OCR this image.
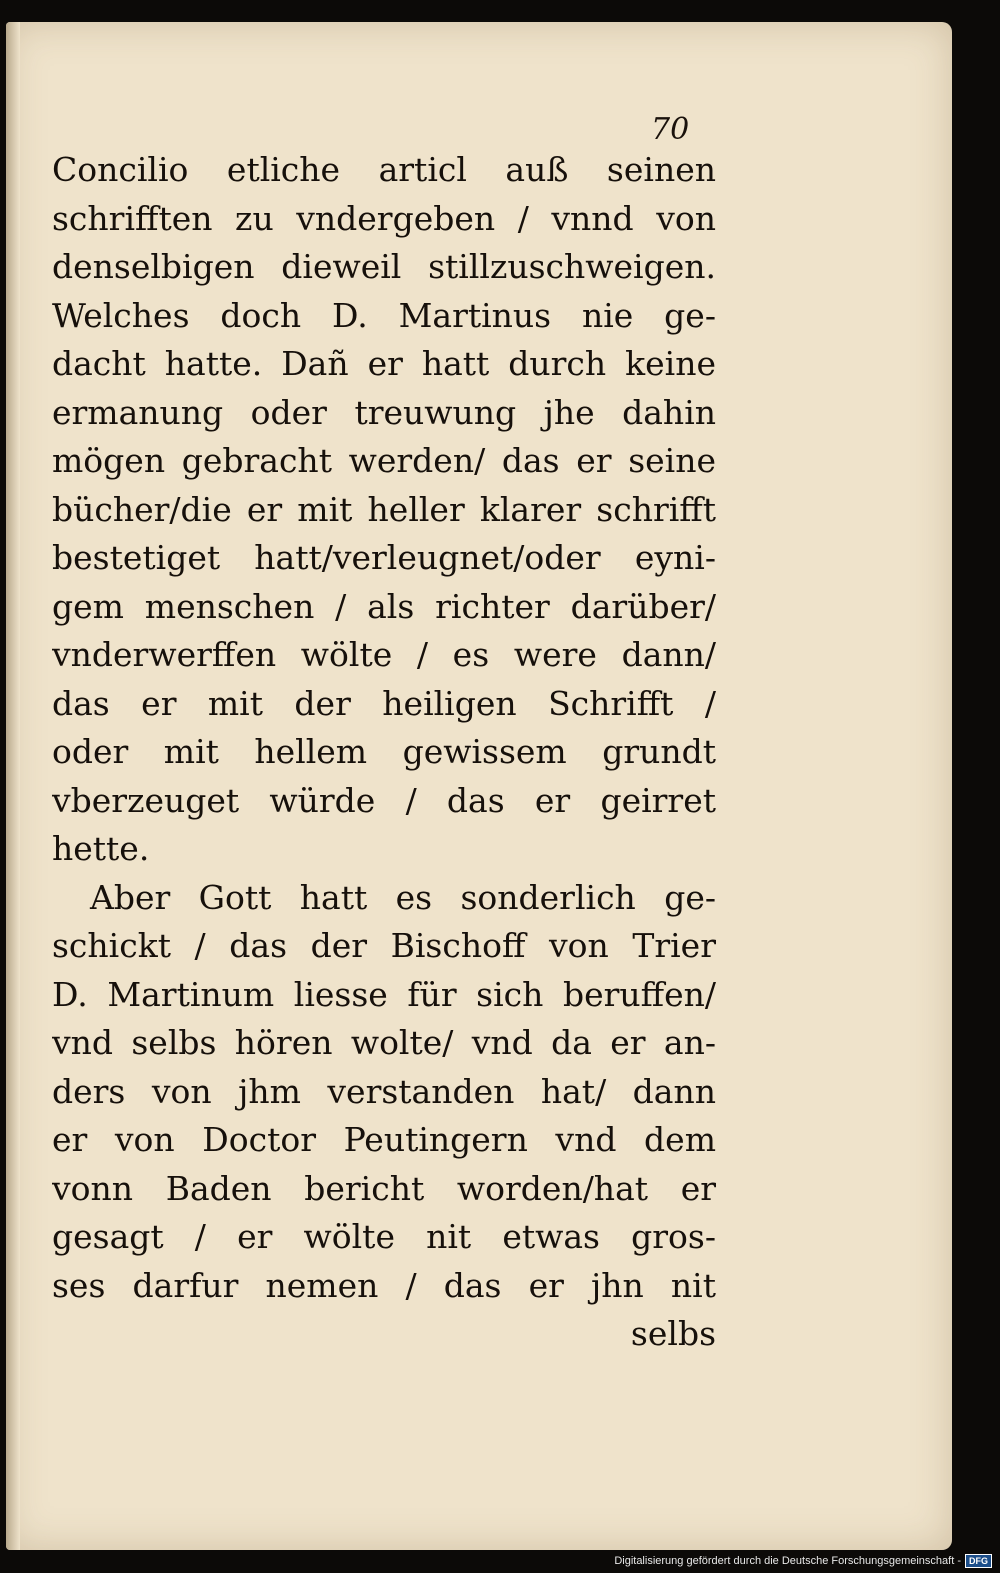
70
Concilio etliche articl auß seinen
schrifften zu vndergeben / vnnd von
denselbigen dieweil stillzuschweigen.
Welches doch D. Martinus nie ge-
dacht hatte. Dañ er hatt durch keine
ermanung oder treuwung jhe dahin
mögen gebracht werden/ das er seine
bücher/die er mit heller klarer schrifft
bestetiget hatt/verleugnet/oder eyni-
gem menschen / als richter darüber/
vnderwerffen wölte / es were dann/
das er mit der heiligen Schrifft /
oder mit hellem gewissem grundt
vberzeuget würde / das er geirret
hette.
Aber Gott hatt es sonderlich ge-
schickt / das der Bischoff von Trier
D. Martinum liesse für sich beruffen/
vnd selbs hören wolte/ vnd da er an-
ders von jhm verstanden hat/ dann
er von Doctor Peutingern vnd dem
vonn Baden bericht worden/hat er
gesagt / er wölte nit etwas gros-
ses darfur nemen / das er jhn nit
selbs
Digitalisierung gefördert durch die Deutsche Forschungsgemeinschaft - DFG
